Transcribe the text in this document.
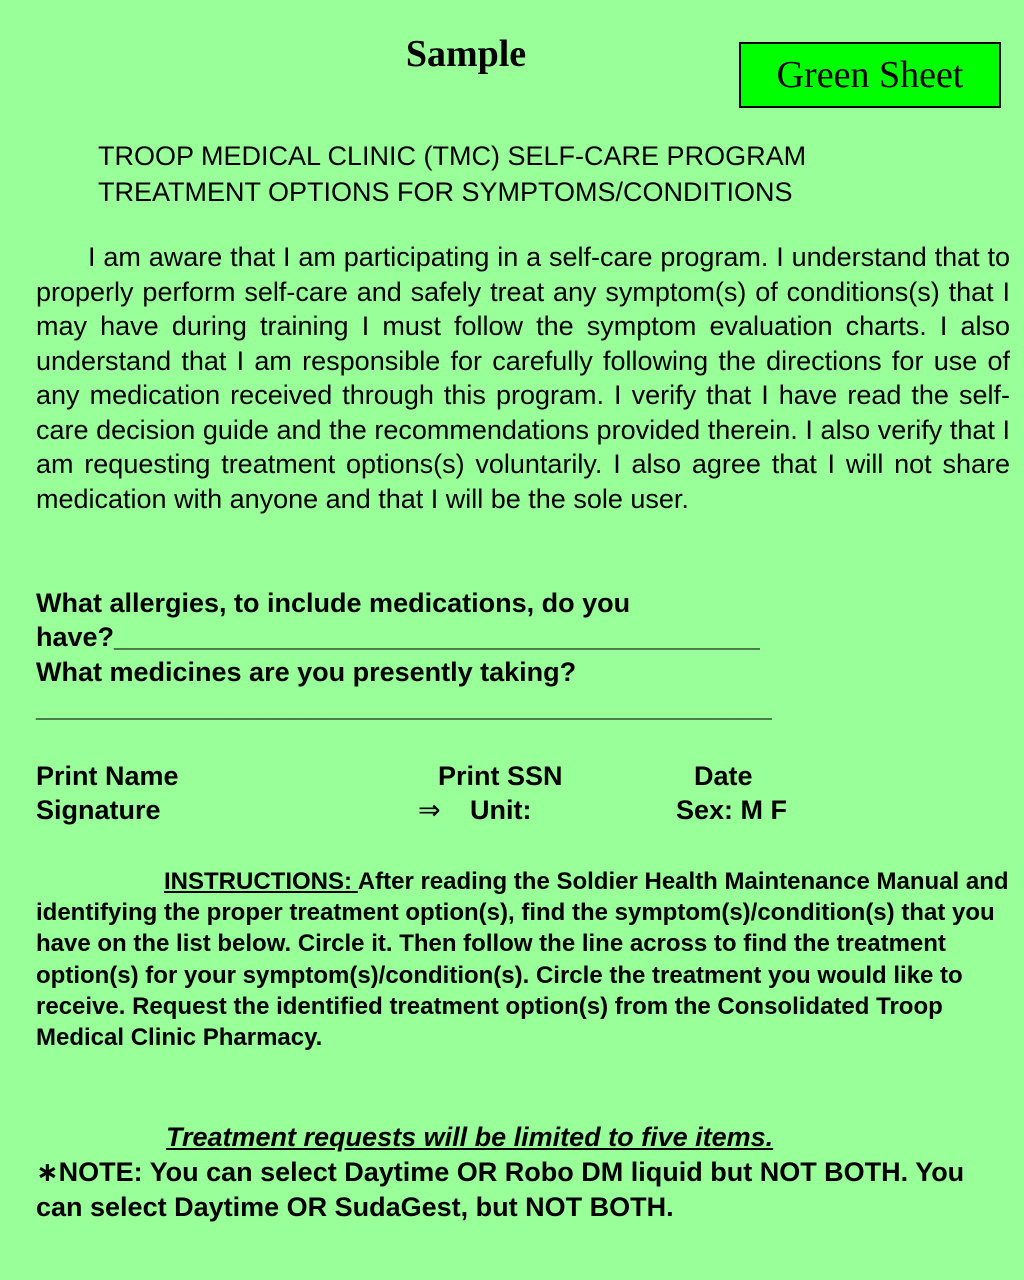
Sample	Green Sheet
TROOP MEDICAL CLINIC (TMC) SELF-CARE PROGRAM
TREATMENT OPTIONS FOR SYMPTOMS/CONDITIONS

I am aware that I am participating in a self-care program. I understand that to properly perform self-care and safely treat any symptom(s) of conditions(s) that I may have during training I must follow the symptom evaluation charts. I also understand that I am responsible for carefully following the directions for use of any medication received through this program. I verify that I have read the self-care decision guide and the recommendations provided therein. I also verify that I am requesting treatment options(s) voluntarily. I also agree that I will not share medication with anyone and that I will be the sole user.

What allergies, to include medications, do you
have?___________________________________________
What medicines are you presently taking?
_________________________________________________
Print Name	Print SSN	Date
Signature	⇒ Unit:	Sex: M F

INSTRUCTIONS: After reading the Soldier Health Maintenance Manual and identifying the proper treatment option(s), find the symptom(s)/condition(s) that you have on the list below. Circle it. Then follow the line across to find the treatment option(s) for your symptom(s)/condition(s). Circle the treatment you would like to receive. Request the identified treatment option(s) from the Consolidated Troop Medical Clinic Pharmacy.

Treatment requests will be limited to five items.

∗NOTE: You can select Daytime OR Robo DM liquid but NOT BOTH. You can select Daytime OR SudaGest, but NOT BOTH.
